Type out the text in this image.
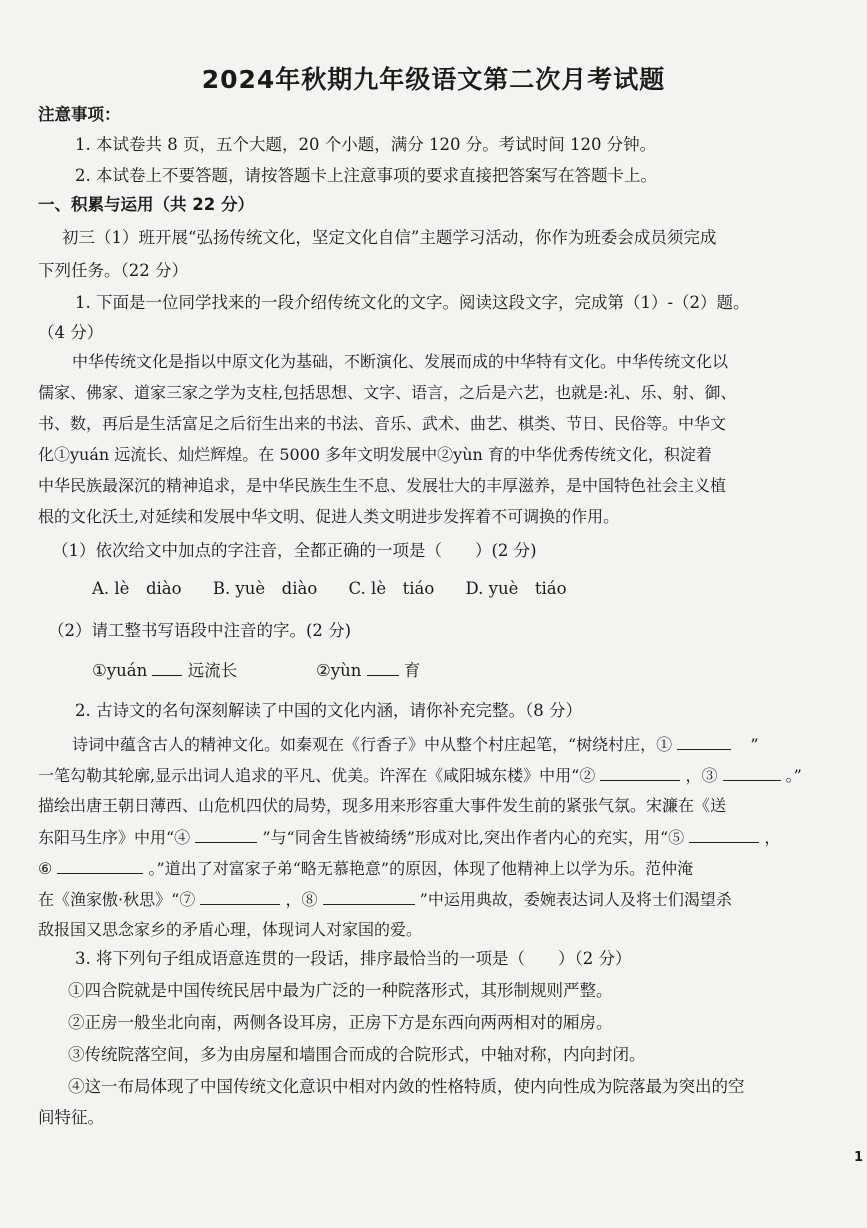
2024年秋期九年级语文第二次月考试题
注意事项：
1. 本试卷共 8 页，五个大题，20 个小题，满分 120 分。考试时间 120 分钟。
2. 本试卷上不要答题，请按答题卡上注意事项的要求直接把答案写在答题卡上。
一、积累与运用（共 22 分）
初三（1）班开展“弘扬传统文化，坚定文化自信”主题学习活动，你作为班委会成员须完成
下列任务。（22 分）
1. 下面是一位同学找来的一段介绍传统文化的文字。阅读这段文字，完成第（1）-（2）题。
（4 分）
中华传统文化是指以中原文化为基础，不断演化、发展而成的中华特有文化。中华传统文化以
儒家、佛家、道家三家之学为支柱,包括思想、文字、语言，之后是六艺，也就是:礼、乐、射、御、
书、数，再后是生活富足之后衍生出来的书法、音乐、武术、曲艺、棋类、节日、民俗等。中华文
化①yuán 远流长、灿烂辉煌。在 5000 多年文明发展中②yùn 育的中华优秀传统文化，积淀着
中华民族最深沉的精神追求，是中华民族生生不息、发展壮大的丰厚滋养，是中国特色社会主义植
根的文化沃土,对延续和发展中华文明、促进人类文明进步发挥着不可调换的作用。
（1）依次给文中加点的字注音，全都正确的一项是（　　）(2 分)
A. lè　diào B. yuè　diào C. lè　tiáo D. yuè　tiáo
（2）请工整书写语段中注音的字。(2 分)
①yuán 远流长	②yùn	育
2. 古诗文的名句深刻解读了中国的文化内涵，请你补充完整。（8 分）
诗词中蕴含古人的精神文化。如秦观在《行香子》中从整个村庄起笔，“树绕村庄，①	”
一笔勾勒其轮廓,显示出词人追求的平凡、优美。许浑在《咸阳城东楼》中用“②	，③	。”
描绘出唐王朝日薄西、山危机四伏的局势，现多用来形容重大事件发生前的紧张气氛。宋濂在《送
东阳马生序》中用“④	”与“同舍生皆被绮绣”形成对比,突出作者内心的充实，用“⑤	，
⑥	。”道出了对富家子弟“略无慕艳意”的原因，体现了他精神上以学为乐。范仲淹
在《渔家傲·秋思》“⑦	，⑧	”中运用典故，委婉表达词人及将士们渴望杀
敌报国又思念家乡的矛盾心理，体现词人对家国的爱。
3. 将下列句子组成语意连贯的一段话，排序最恰当的一项是（　　）（2 分）
①四合院就是中国传统民居中最为广泛的一种院落形式，其形制规则严整。
②正房一般坐北向南，两侧各设耳房，正房下方是东西向两两相对的厢房。
③传统院落空间，多为由房屋和墙围合而成的合院形式，中轴对称，内向封闭。
④这一布局体现了中国传统文化意识中相对内敛的性格特质，使内向性成为院落最为突出的空
间特征。
1
